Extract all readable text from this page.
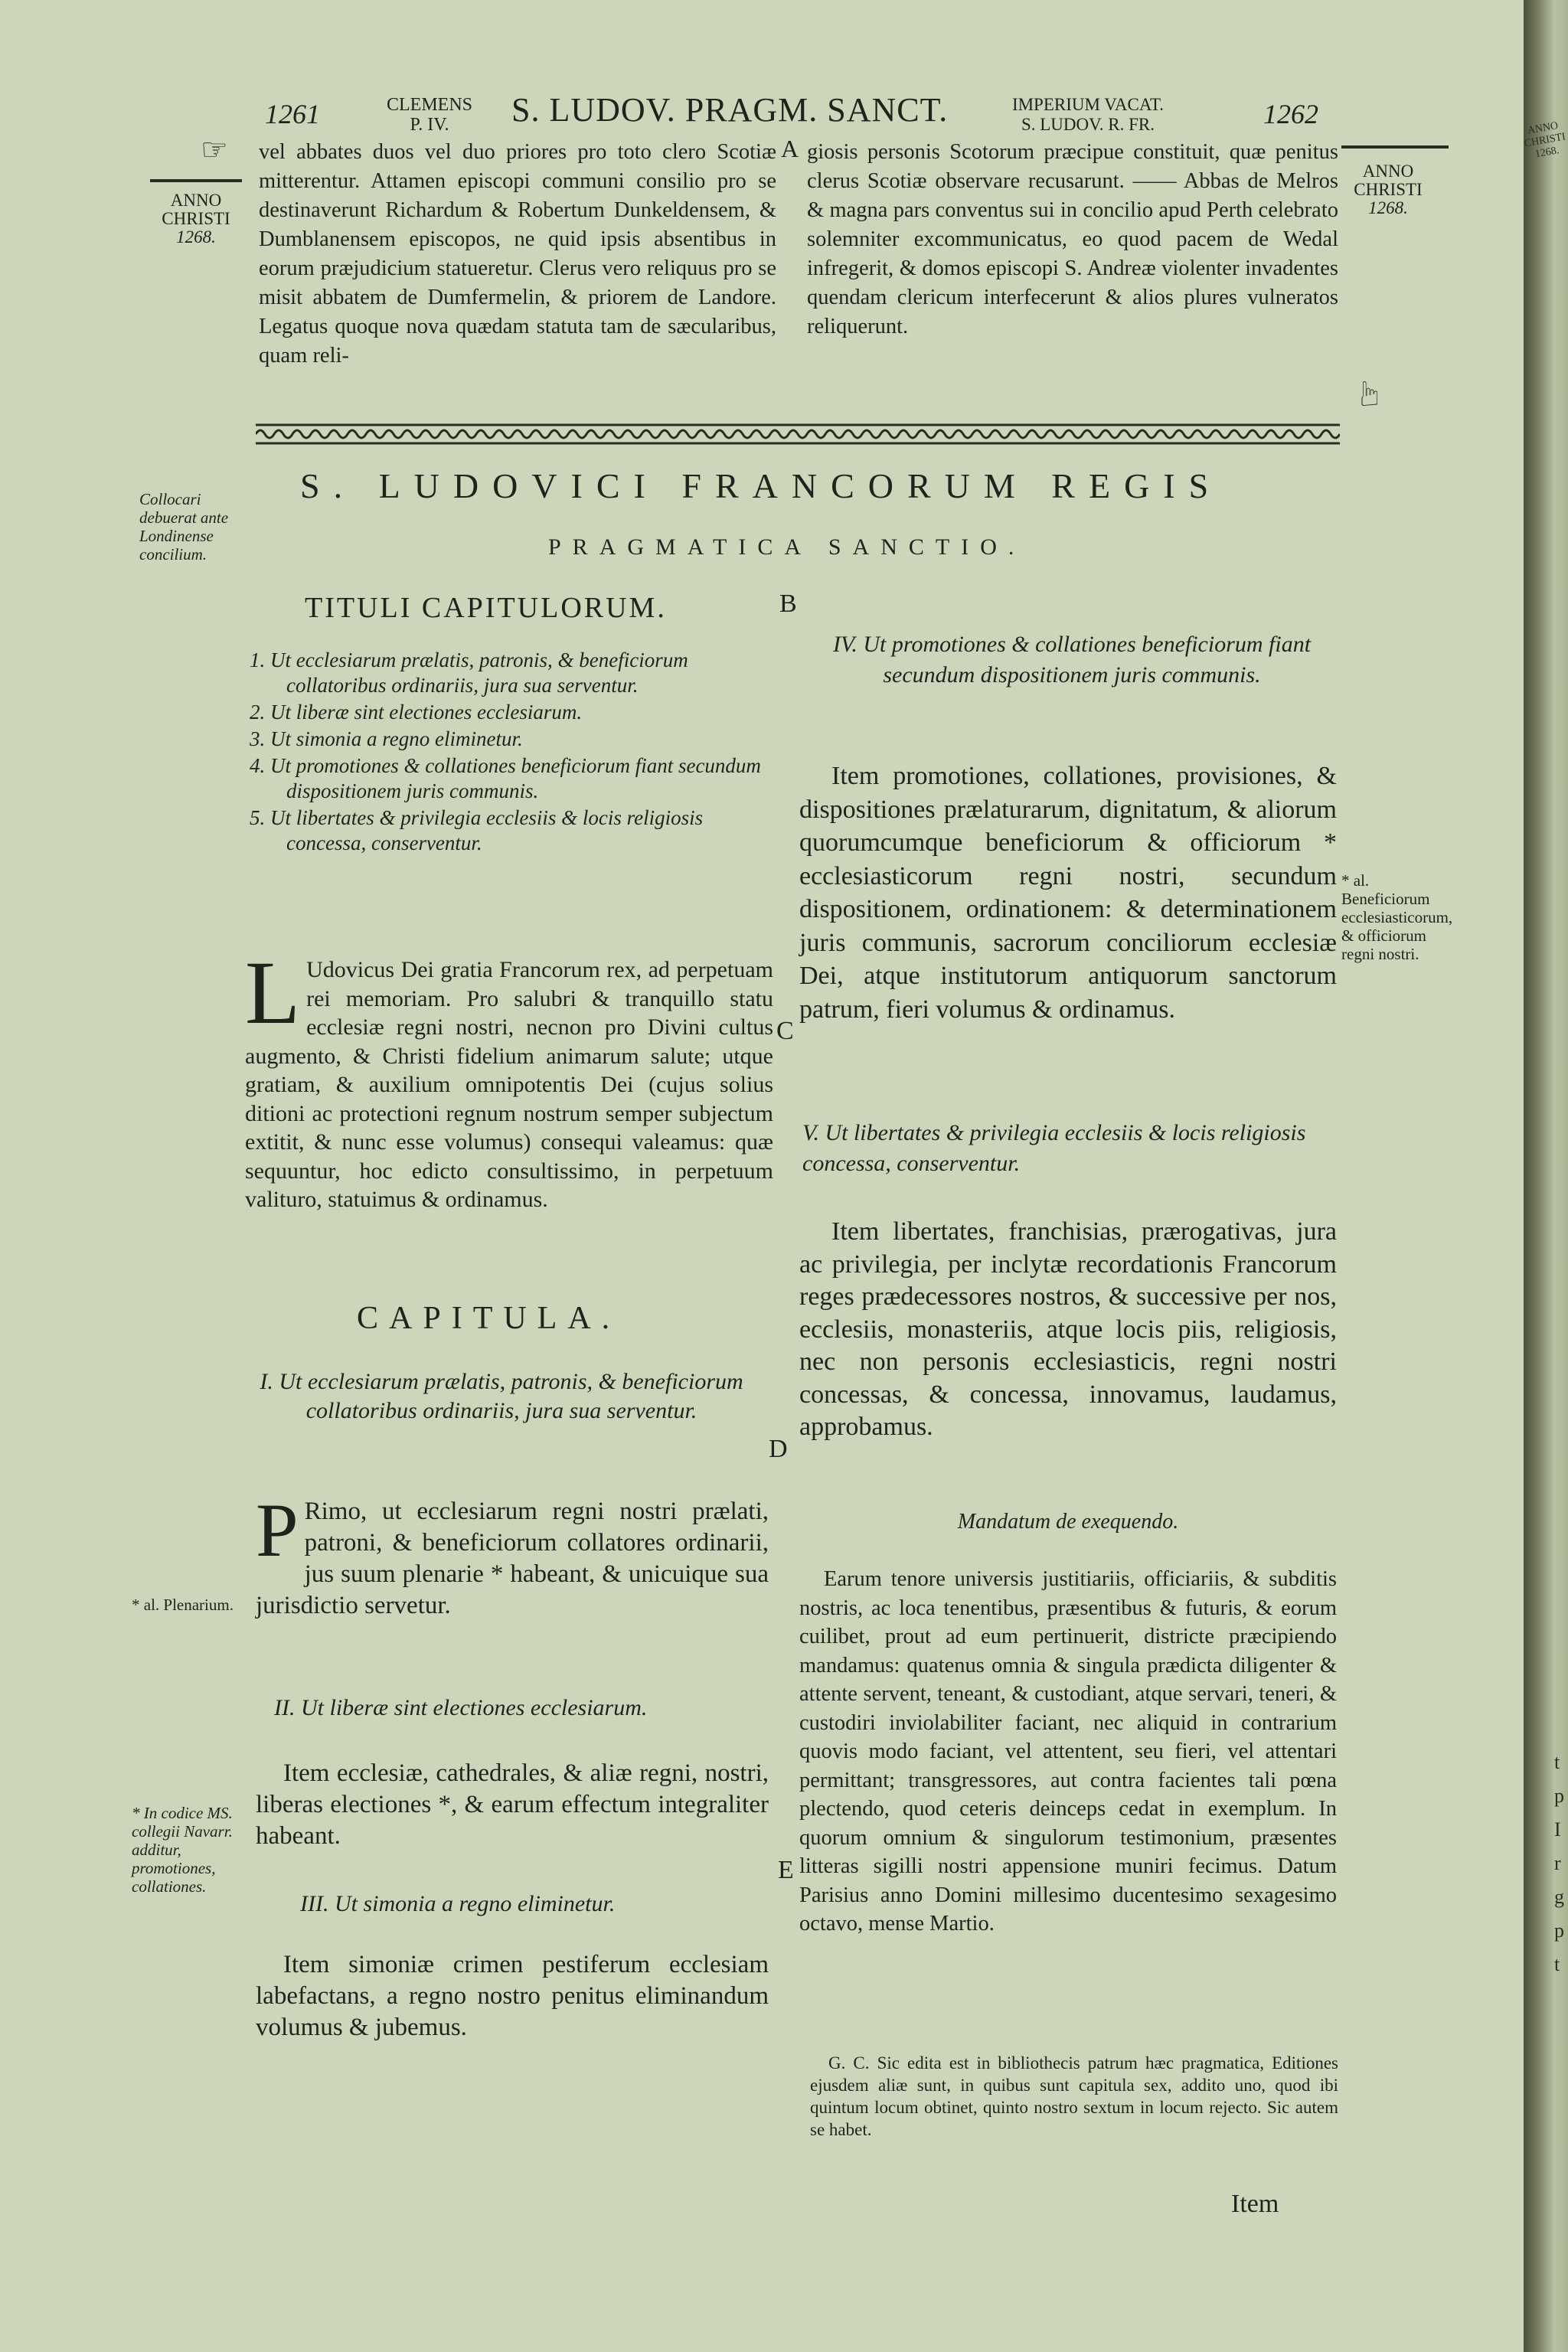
ANNO CHRISTI 1268.
t
p
I
r
g
p
t
1261	CLEMENS
P. IV.	S. LUDOV. PRAGM. SANCT.	IMPERIUM VACAT.
S. LUDOV. R. FR.	1262
☞
☞
ANNO
CHRISTI
1268.
ANNO
CHRISTI
1268.
vel abbates duos vel duo priores pro toto clero Scotiæ mitterentur. Attamen episcopi communi consilio pro se destinaverunt Richardum & Robertum Dunkeldensem, & Dumblanensem episcopos, ne quid ipsis absentibus in eorum præjudicium statueretur. Clerus vero reliquus pro se misit abbatem de Dumfermelin, & priorem de Landore. Legatus quoque nova quædam statuta tam de sæcularibus, quam reli-
A giosis personis Scotorum præcipue constituit, quæ penitus clerus Scotiæ observare recusarunt. —— Abbas de Melros & magna pars conventus sui in concilio apud Perth celebrato solemniter excommunicatus, eo quod pacem de Wedal infregerit, & domos episcopi S. Andreæ violenter invadentes quendam clericum interfecerunt & alios plures vulneratos reliquerunt.
Collocari debuerat ante Londinense concilium.
S. LUDOVICI FRANCORUM REGIS
PRAGMATICA SANCTIO.
TITULI CAPITULORUM.	B
1. Ut ecclesiarum prælatis, patronis, & beneficiorum collatoribus ordinariis, jura sua serventur.
2. Ut liberæ sint electiones ecclesiarum.
3. Ut simonia a regno eliminetur.
4. Ut promotiones & collationes beneficiorum fiant secundum dispositionem juris communis.
5. Ut libertates & privilegia ecclesiis & locis religiosis concessa, conserventur.
L Udovicus Dei gratia Francorum rex, ad perpetuam rei memoriam. Pro salubri & tranquillo statu ecclesiæ regni nostri, necnon pro Divini cultus augmento, & Christi fidelium animarum salute; utque gratiam, & auxilium omnipotentis Dei (cujus solius ditioni ac protectioni regnum nostrum semper subjectum extitit, & nunc esse volumus) consequi valeamus: quæ sequuntur, hoc edicto consultissimo, in perpetuum valituro, statuimus & ordinamus.
CAPITULA.
I. Ut ecclesiarum prælatis, patronis, & beneficiorum collatoribus ordinariis, jura sua serventur.
D
P Rimo, ut ecclesiarum regni nostri prælati, patroni, & beneficiorum collatores ordinarii, jus suum plenarie * habeant, & unicuique sua jurisdictio servetur.
* al. Plenarium.
II. Ut liberæ sint electiones ecclesiarum.
Item ecclesiæ, cathedrales, & aliæ regni, nostri, liberas electiones *, & earum effectum integraliter habeant.
* In codice MS. collegii Navarr. additur, promotiones, collationes.
III. Ut simonia a regno eliminetur.
Item simoniæ crimen pestiferum ecclesiam labefactans, a regno nostro penitus eliminandum volumus & jubemus.
IV. Ut promotiones & collationes beneficiorum fiant secundum dispositionem juris communis.
Item promotiones, collationes, provisiones, & dispositiones prælaturarum, dignitatum, & aliorum quorumcumque beneficiorum & officiorum * ecclesiasticorum regni nostri, secundum dispositionem, ordinationem: & determinationem juris communis, sacrorum conciliorum ecclesiæ Dei, atque institutorum antiquorum sanctorum patrum, fieri volumus & ordinamus.
C
* al. Beneficiorum ecclesiasticorum, & officiorum regni nostri.
V. Ut libertates & privilegia ecclesiis & locis religiosis concessa, conserventur.
Item libertates, franchisias, prærogativas, jura ac privilegia, per inclytæ recordationis Francorum reges prædecessores nostros, & successive per nos, ecclesiis, monasteriis, atque locis piis, religiosis, nec non personis ecclesiasticis, regni nostri concessas, & concessa, innovamus, laudamus, approbamus.
Mandatum de exequendo.
Earum tenore universis justitiariis, officiariis, & subditis nostris, ac loca tenentibus, præsentibus & futuris, & eorum cuilibet, prout ad eum pertinuerit, districte præcipiendo mandamus: quatenus omnia & singula prædicta diligenter & attente servent, teneant, & custodiant, atque servari, teneri, & custodiri inviolabiliter faciant, nec aliquid in contrarium quovis modo faciant, vel attentent, seu fieri, vel attentari permittant; transgressores, aut contra facientes tali pœna plectendo, quod ceteris deinceps cedat in exemplum. In quorum omnium & singulorum testimonium, præsentes litteras sigilli nostri appensione muniri fecimus. Datum Parisius anno Domini millesimo ducentesimo sexagesimo octavo, mense Martio.
E
G. C. Sic edita est in bibliothecis patrum hæc pragmatica, Editiones ejusdem aliæ sunt, in quibus sunt capitula sex, addito uno, quod ibi quintum locum obtinet, quinto nostro sextum in locum rejecto. Sic autem se habet.
Item
